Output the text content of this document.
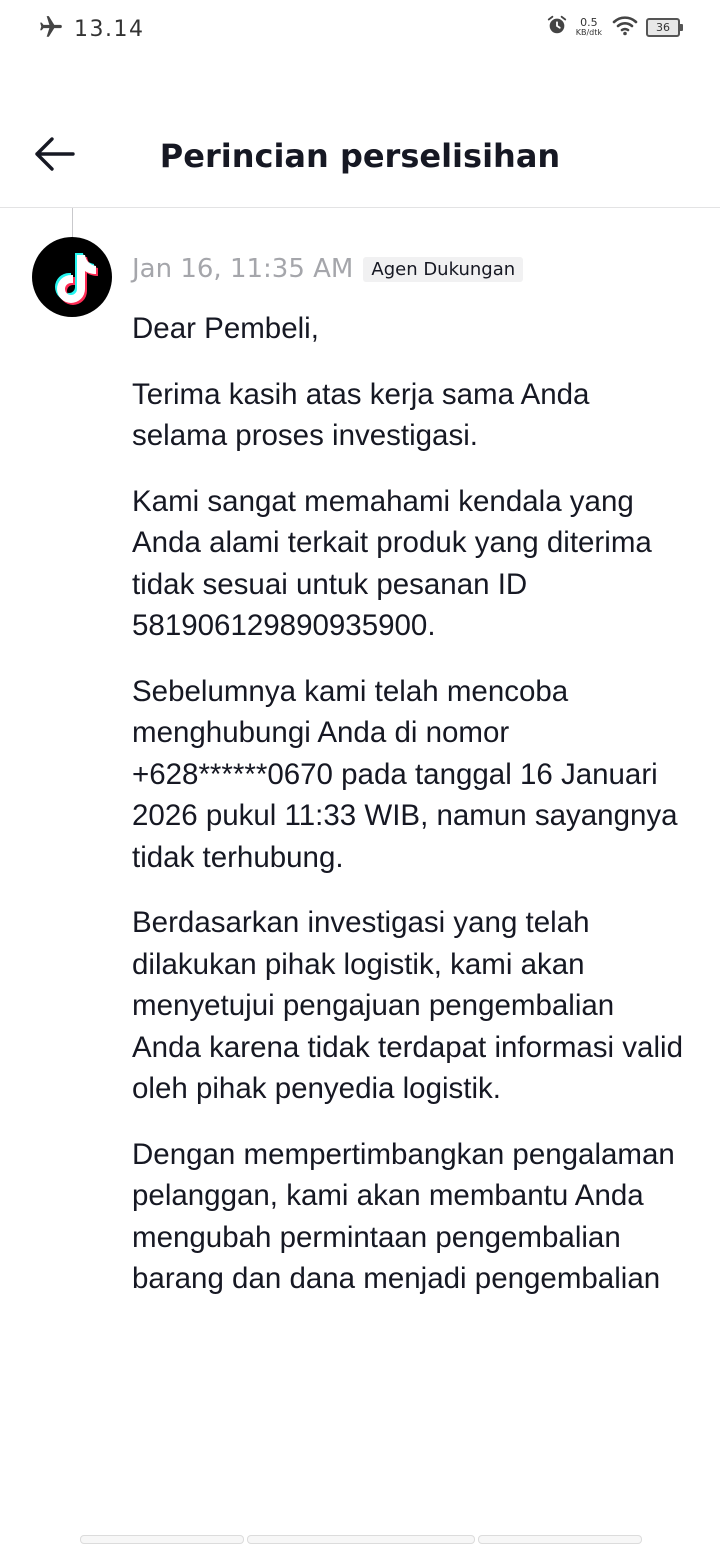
13.14	0.5
KB/dtk	36
Perincian perselisihan
Jan 16, 11:35 AM	Agen Dukungan

Dear Pembeli,

Terima kasih atas kerja sama Anda selama proses investigasi.

Kami sangat memahami kendala yang Anda alami terkait produk yang diterima tidak sesuai untuk pesanan ID 581906129890935900.

Sebelumnya kami telah mencoba menghubungi Anda di nomor +628******0670 pada tanggal 16 Januari 2026 pukul 11:33 WIB, namun sayangnya tidak terhubung.

Berdasarkan investigasi yang telah dilakukan pihak logistik, kami akan menyetujui pengajuan pengembalian Anda karena tidak terdapat informasi valid oleh pihak penyedia logistik.

Dengan mempertimbangkan pengalaman pelanggan, kami akan membantu Anda mengubah permintaan pengembalian barang dan dana menjadi pengembalian
